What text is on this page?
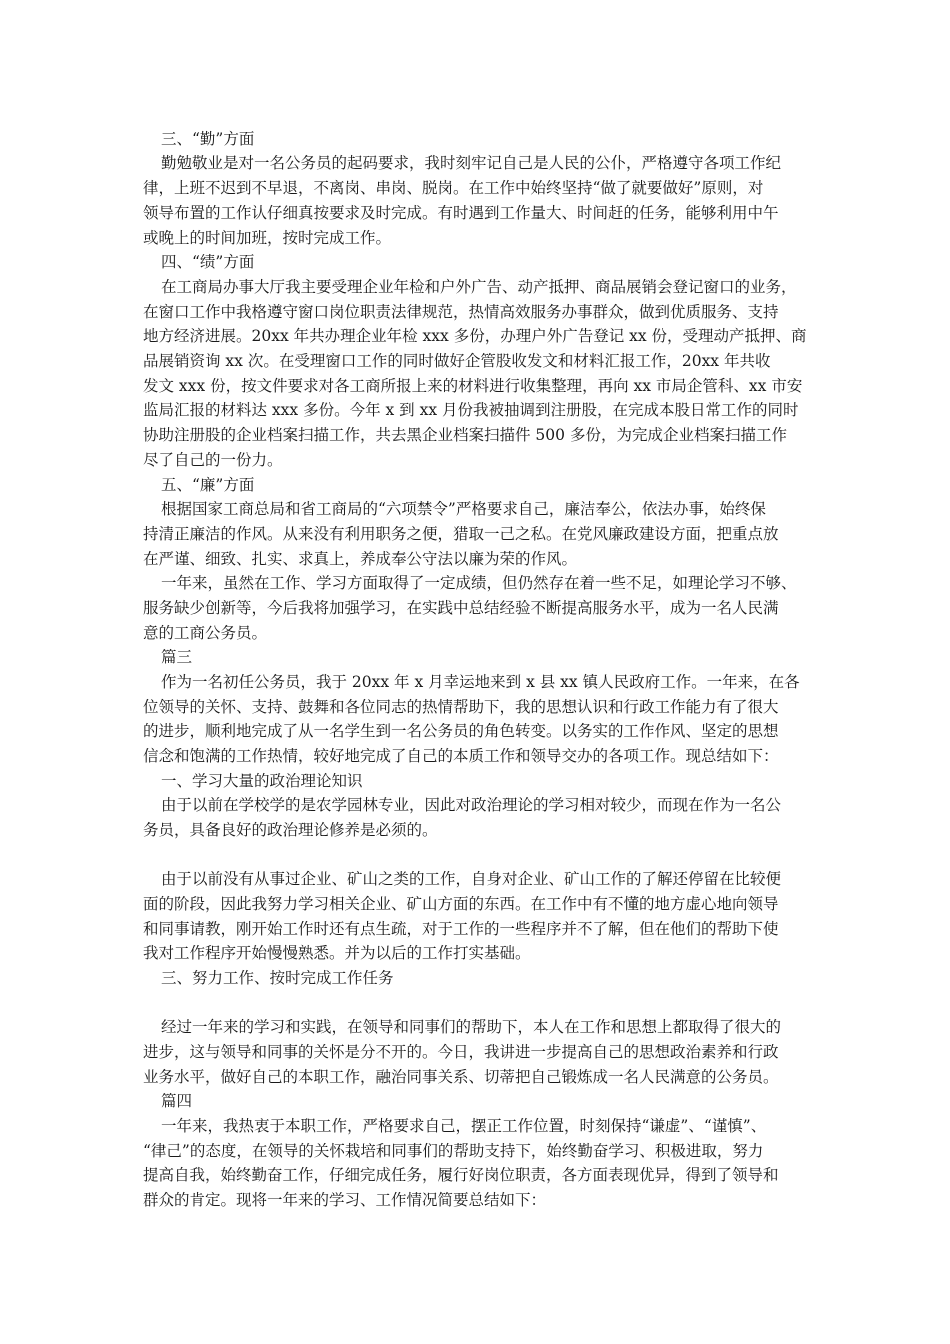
三、“勤”方面
勤勉敬业是对一名公务员的起码要求，我时刻牢记自己是人民的公仆，严格遵守各项工作纪
律，上班不迟到不早退，不离岗、串岗、脱岗。在工作中始终坚持“做了就要做好”原则，对
领导布置的工作认仔细真按要求及时完成。有时遇到工作量大、时间赶的任务，能够利用中午
或晚上的时间加班，按时完成工作。
四、“绩”方面
在工商局办事大厅我主要受理企业年检和户外广告、动产抵押、商品展销会登记窗口的业务，
在窗口工作中我格遵守窗口岗位职责法律规范，热情高效服务办事群众，做到优质服务、支持
地方经济进展。20xx 年共办理企业年检 xxx 多份，办理户外广告登记 xx 份，受理动产抵押、商
品展销资询 xx 次。在受理窗口工作的同时做好企管股收发文和材料汇报工作，20xx 年共收
发文 xxx 份，按文件要求对各工商所报上来的材料进行收集整理，再向 xx 市局企管科、xx 市安
监局汇报的材料达 xxx 多份。今年 x 到 xx 月份我被抽调到注册股，在完成本股日常工作的同时
协助注册股的企业档案扫描工作，共去黑企业档案扫描件 500 多份，为完成企业档案扫描工作
尽了自己的一份力。
五、“廉”方面
根据国家工商总局和省工商局的“六项禁令”严格要求自己，廉洁奉公，依法办事，始终保
持清正廉洁的作风。从来没有利用职务之便，猎取一己之私。在党风廉政建设方面，把重点放
在严谨、细致、扎实、求真上，养成奉公守法以廉为荣的作风。
一年来，虽然在工作、学习方面取得了一定成绩，但仍然存在着一些不足，如理论学习不够、
服务缺少创新等，今后我将加强学习，在实践中总结经验不断提高服务水平，成为一名人民满
意的工商公务员。
篇三
作为一名初任公务员，我于 20xx 年 x 月幸运地来到 x 县 xx 镇人民政府工作。一年来，在各
位领导的关怀、支持、鼓舞和各位同志的热情帮助下，我的思想认识和行政工作能力有了很大
的进步，顺利地完成了从一名学生到一名公务员的角色转变。以务实的工作作风、坚定的思想
信念和饱满的工作热情，较好地完成了自己的本质工作和领导交办的各项工作。现总结如下：
一、学习大量的政治理论知识
由于以前在学校学的是农学园林专业，因此对政治理论的学习相对较少，而现在作为一名公
务员，具备良好的政治理论修养是必须的。
由于以前没有从事过企业、矿山之类的工作，自身对企业、矿山工作的了解还停留在比较便
面的阶段，因此我努力学习相关企业、矿山方面的东西。在工作中有不懂的地方虚心地向领导
和同事请教，刚开始工作时还有点生疏，对于工作的一些程序并不了解，但在他们的帮助下使
我对工作程序开始慢慢熟悉。并为以后的工作打实基础。
三、努力工作、按时完成工作任务
经过一年来的学习和实践，在领导和同事们的帮助下，本人在工作和思想上都取得了很大的
进步，这与领导和同事的关怀是分不开的。今日，我讲进一步提高自己的思想政治素养和行政
业务水平，做好自己的本职工作，融治同事关系、切蒂把自己锻炼成一名人民满意的公务员。
篇四
一年来，我热衷于本职工作，严格要求自己，摆正工作位置，时刻保持“谦虚”、“谨慎”、
“律己”的态度，在领导的关怀栽培和同事们的帮助支持下，始终勤奋学习、积极进取，努力
提高自我，始终勤奋工作，仔细完成任务，履行好岗位职责，各方面表现优异，得到了领导和
群众的肯定。现将一年来的学习、工作情况简要总结如下：
